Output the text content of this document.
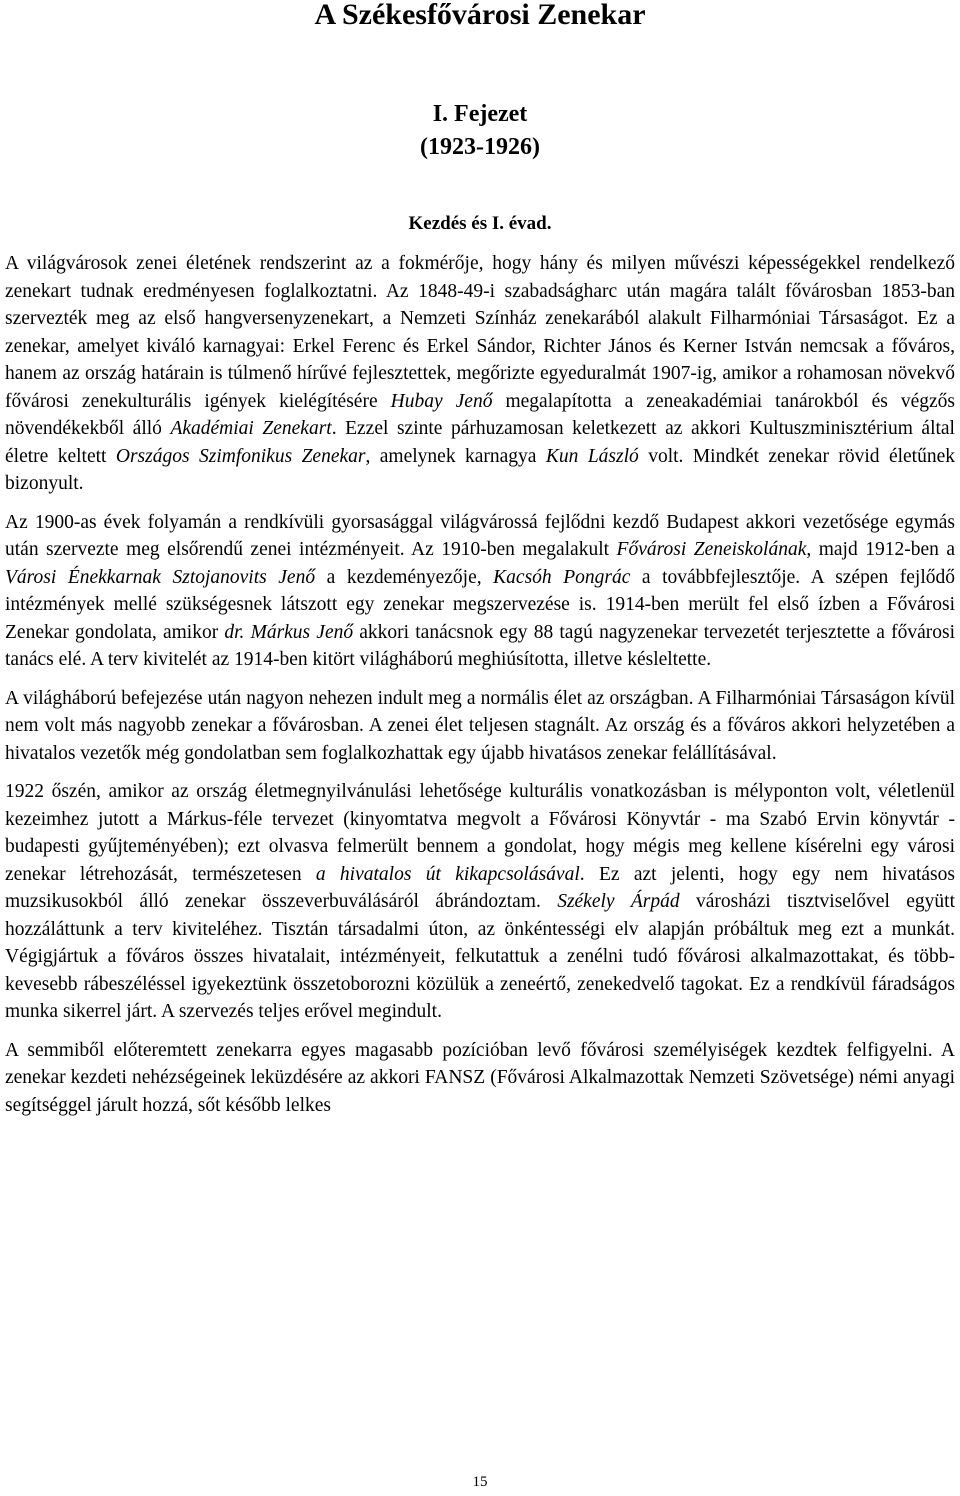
A Székesfővárosi Zenekar
I. Fejezet
(1923-1926)
Kezdés és I. évad.

A világvárosok zenei életének rendszerint az a fokmérője, hogy hány és milyen művészi képességekkel rendelkező zenekart tudnak eredményesen foglalkoztatni. Az 1848-49-i szabadságharc után magára talált fővárosban 1853-ban szervezték meg az első hangversenyzenekart, a Nemzeti Színház zenekarából alakult Filharmóniai Társaságot. Ez a zenekar, amelyet kiváló karnagyai: Erkel Ferenc és Erkel Sándor, Richter János és Kerner István nemcsak a főváros, hanem az ország határain is túlmenő hírűvé fejlesztettek, megőrizte egyeduralmát 1907-ig, amikor a rohamosan növekvő fővárosi zenekulturális igények kielégítésére Hubay Jenő megalapította a zeneakadémiai tanárokból és végzős növendékekből álló Akadémiai Zenekart. Ezzel szinte párhuzamosan keletkezett az akkori Kultuszminisztérium által életre keltett Országos Szimfonikus Zenekar, amelynek karnagya Kun László volt. Mindkét zenekar rövid életűnek bizonyult.

Az 1900-as évek folyamán a rendkívüli gyorsasággal világvárossá fejlődni kezdő Budapest akkori vezetősége egymás után szervezte meg elsőrendű zenei intézményeit. Az 1910-ben megalakult Fővárosi Zeneiskolának, majd 1912-ben a Városi Énekkarnak Sztojanovits Jenő a kezdeményezője, Kacsóh Pongrác a továbbfejlesztője. A szépen fejlődő intézmények mellé szükségesnek látszott egy zenekar megszervezése is. 1914-ben merült fel első ízben a Fővárosi Zenekar gondolata, amikor dr. Márkus Jenő akkori tanácsnok egy 88 tagú nagyzenekar tervezetét terjesztette a fővárosi tanács elé. A terv kivitelét az 1914-ben kitört világháború meghiúsította, illetve késleltette.

A világháború befejezése után nagyon nehezen indult meg a normális élet az országban. A Filharmóniai Társaságon kívül nem volt más nagyobb zenekar a fővárosban. A zenei élet teljesen stagnált. Az ország és a főváros akkori helyzetében a hivatalos vezetők még gondolatban sem foglalkozhattak egy újabb hivatásos zenekar felállításával.

1922 őszén, amikor az ország életmegnyilvánulási lehetősége kulturális vonatkozásban is mélyponton volt, véletlenül kezeimhez jutott a Márkus-féle tervezet (kinyomtatva megvolt a Fővárosi Könyvtár - ma Szabó Ervin könyvtár - budapesti gyűjteményében); ezt olvasva felmerült bennem a gondolat, hogy mégis meg kellene kísérelni egy városi zenekar létrehozását, természetesen a hivatalos út kikapcsolásával. Ez azt jelenti, hogy egy nem hivatásos muzsikusokból álló zenekar összeverbuválásáról ábrándoztam. Székely Árpád városházi tisztviselővel együtt hozzáláttunk a terv kiviteléhez. Tisztán társadalmi úton, az önkéntességi elv alapján próbáltuk meg ezt a munkát. Végigjártuk a főváros összes hivatalait, intézményeit, felkutattuk a zenélni tudó fővárosi alkalmazottakat, és több-kevesebb rábeszéléssel igyekeztünk összetoborozni közülük a zeneértő, zenekedvelő tagokat. Ez a rendkívül fáradságos munka sikerrel járt. A szervezés teljes erővel megindult.

A semmiből előteremtett zenekarra egyes magasabb pozícióban levő fővárosi személyiségek kezdtek felfigyelni. A zenekar kezdeti nehézségeinek leküzdésére az akkori FANSZ (Fővárosi Alkalmazottak Nemzeti Szövetsége) némi anyagi segítséggel járult hozzá, sőt később lelkes

15
